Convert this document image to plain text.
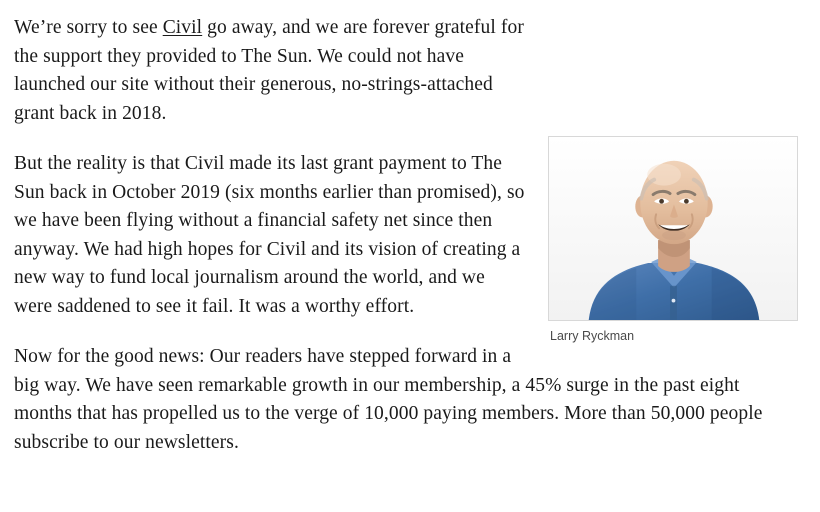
Larry Ryckman

We’re sorry to see Civil go away, and we are forever grateful for the support they provided to The Sun. We could not have launched our site without their generous, no-strings-attached grant back in 2018.

But the reality is that Civil made its last grant payment to The Sun back in October 2019 (six months earlier than promised), so we have been flying without a financial safety net since then anyway. We had high hopes for Civil and its vision of creating a new way to fund local journalism around the world, and we were saddened to see it fail. It was a worthy effort.

Now for the good news: Our readers have stepped forward in a big way. We have seen remarkable growth in our membership, a 45% surge in the past eight months that has propelled us to the verge of 10,000 paying members. More than 50,000 people subscribe to our newsletters.
